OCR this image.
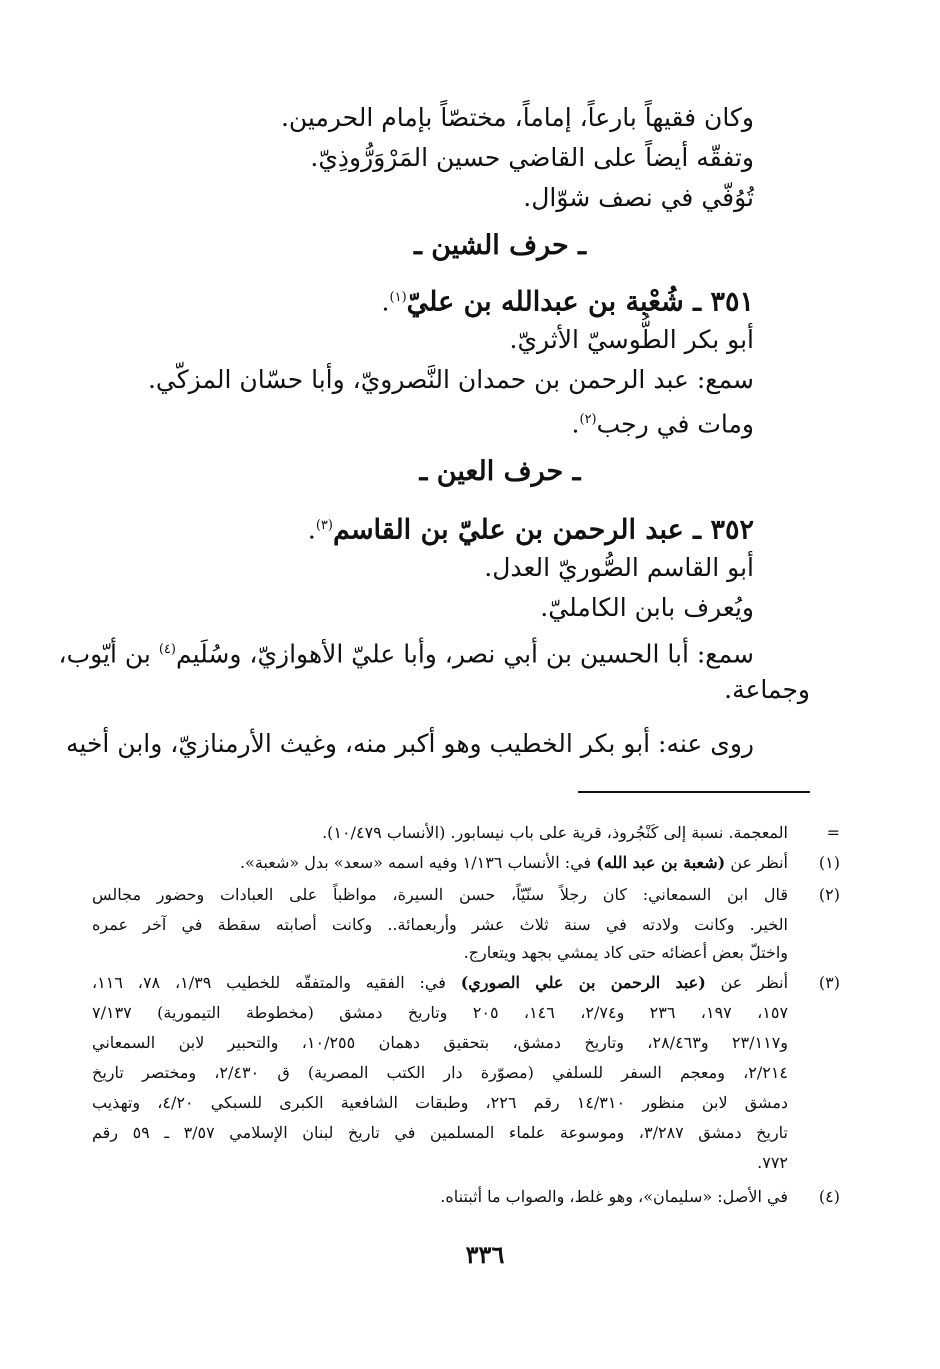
وكان فقيهاً بارعاً، إماماً، مختصّاً بإمام الحرمين.
وتفقّه أيضاً على القاضي حسين المَرْوَرُّوذِيّ.
تُوُفّي في نصف شوّال.
ـ حرف الشين ـ
٣٥١ ـ شُعْبة بن عبدالله بن عليّ$^{(١)}$.
أبو بكر الطُّوسيّ الأثريّ.
سمع: عبد الرحمن بن حمدان النَّصرويّ، وأبا حسّان المزكّي.
ومات في رجب$^{(٢)}$.
ـ حرف العين ـ
٣٥٢ ـ عبد الرحمن بن عليّ بن القاسم$^{(٣)}$.
أبو القاسم الصُّوريّ العدل.
ويُعرف بابن الكامليّ.
سمع: أبا الحسين بن أبي نصر، وأبا عليّ الأهوازيّ، وسُلَيم$^{(٤)}$ بن أيّوب،
وجماعة.
روى عنه: أبو بكر الخطيب وهو أكبر منه، وغيث الأرمنازيّ، وابن أخيه
=
المعجمة. نسبة إلى كَنْجُروذ، قرية على باب نيسابور. (الأنساب ١٠/٤٧٩).
(١)
أنظر عن (شعبة بن عبد الله) في: الأنساب ١/١٣٦ وفيه اسمه «سعد» بدل «شعبة».
(٢)
قال ابن السمعاني: كان رجلاً سنّيّاً، حسن السيرة، مواظباً على العبادات وحضور مجالس
الخير. وكانت ولادته في سنة ثلاث عشر وأربعمائة.. وكانت أصابته سقطة في آخر عمره
واختلّ بعض أعضائه حتى كاد يمشي بجهد ويتعارج.
(٣)
أنظر عن (عبد الرحمن بن علي الصوري) في: الفقيه والمتفقّه للخطيب ١/٣٩، ٧٨، ١١٦،
١٥٧، ١٩٧، ٢٣٦ و٢/٧٤، ١٤٦، ٢٠٥ وتاريخ دمشق (مخطوطة التيمورية) ٧/١٣٧
و٢٣/١١٧ و٢٨/٤٦٣، وتاريخ دمشق، بتحقيق دهمان ١٠/٢٥٥، والتحبير لابن السمعاني
٢/٢١٤، ومعجم السفر للسلفي (مصوّرة دار الكتب المصرية) ق ٢/٤٣٠، ومختصر تاريخ
دمشق لابن منظور ١٤/٣١٠ رقم ٢٢٦، وطبقات الشافعية الكبرى للسبكي ٤/٢٠، وتهذيب
تاريخ دمشق ٣/٢٨٧، وموسوعة علماء المسلمين في تاريخ لبنان الإسلامي ٣/٥٧ ـ ٥٩ رقم
٧٧٢.
(٤)
في الأصل: «سليمان»، وهو غلط، والصواب ما أثبتناه.
٣٣٦
